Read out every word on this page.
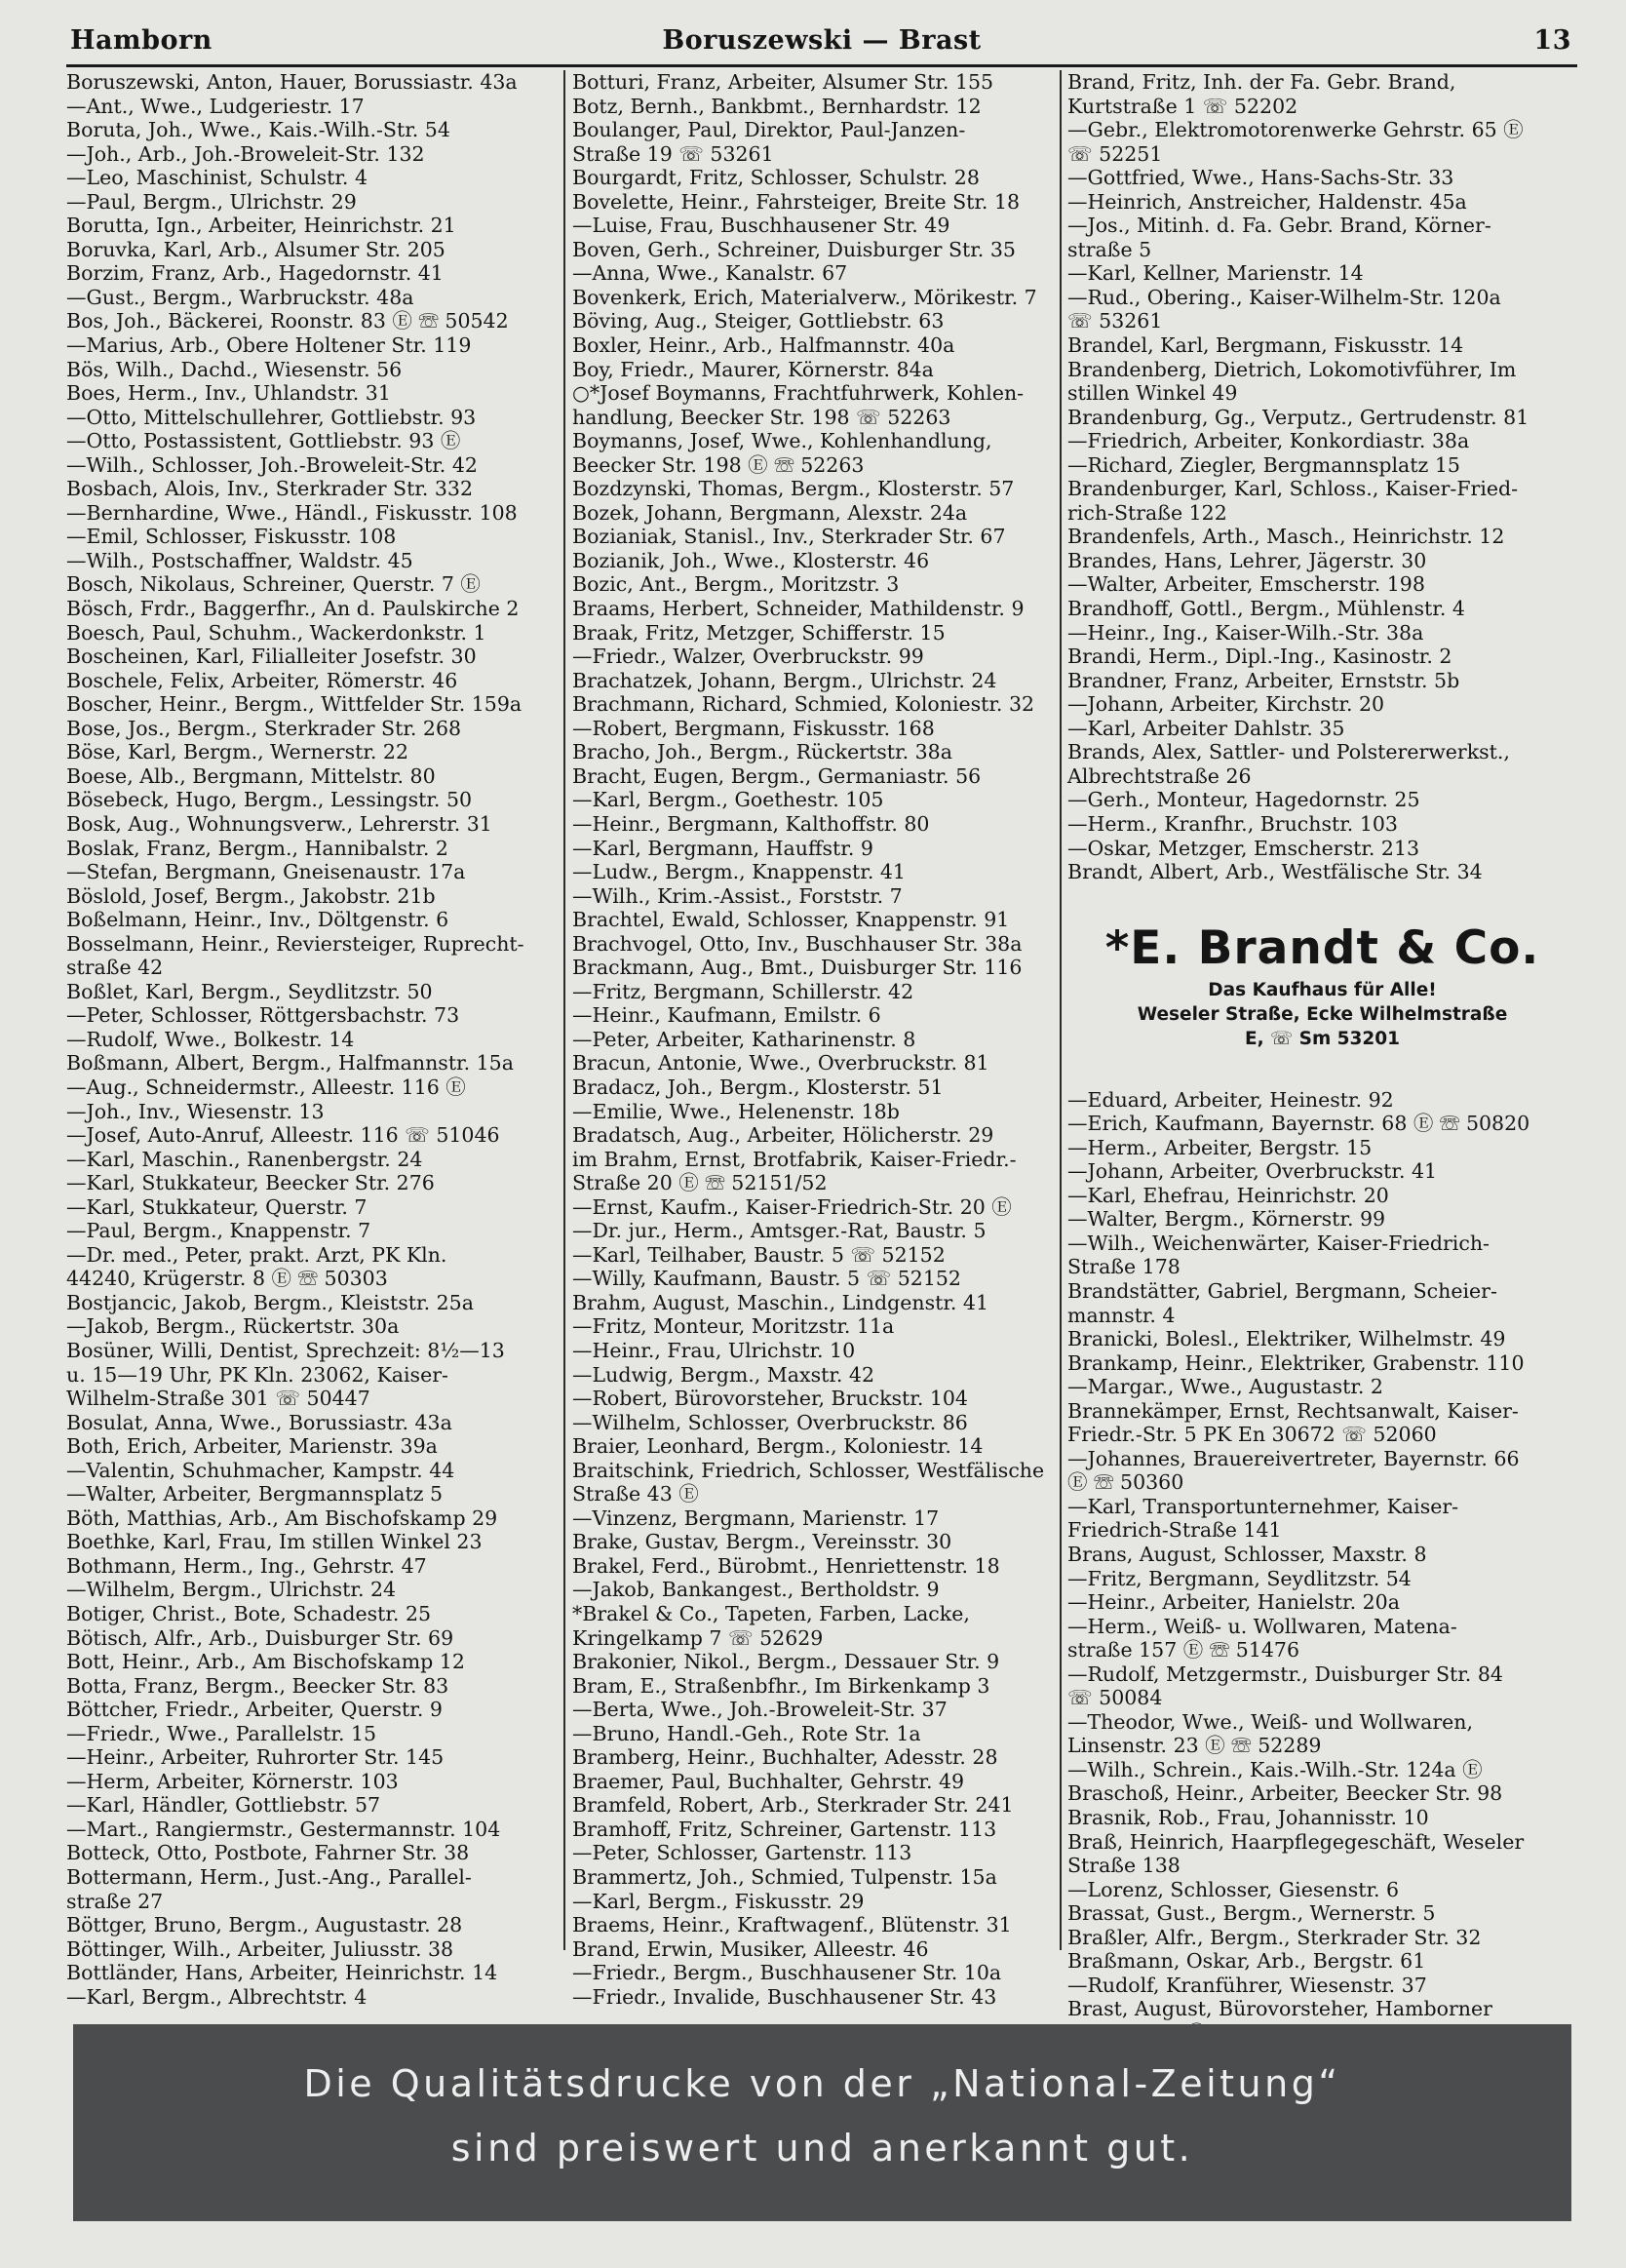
Hamborn	Boruszewski — Brast	13
Boruszewski, Anton, Hauer, Borussiastr. 43a
—Ant., Wwe., Ludgeriestr. 17
Boruta, Joh., Wwe., Kais.-Wilh.-Str. 54
—Joh., Arb., Joh.-Broweleit-Str. 132
—Leo, Maschinist, Schulstr. 4
—Paul, Bergm., Ulrichstr. 29
Borutta, Ign., Arbeiter, Heinrichstr. 21
Boruvka, Karl, Arb., Alsumer Str. 205
Borzim, Franz, Arb., Hagedornstr. 41
—Gust., Bergm., Warbruckstr. 48a
Bos, Joh., Bäckerei, Roonstr. 83 Ⓔ ☏ 50542
—Marius, Arb., Obere Holtener Str. 119
Bös, Wilh., Dachd., Wiesenstr. 56
Boes, Herm., Inv., Uhlandstr. 31
—Otto, Mittelschullehrer, Gottliebstr. 93
—Otto, Postassistent, Gottliebstr. 93 Ⓔ
—Wilh., Schlosser, Joh.-Broweleit-Str. 42
Bosbach, Alois, Inv., Sterkrader Str. 332
—Bernhardine, Wwe., Händl., Fiskusstr. 108
—Emil, Schlosser, Fiskusstr. 108
—Wilh., Postschaffner, Waldstr. 45
Bosch, Nikolaus, Schreiner, Querstr. 7 Ⓔ
Bösch, Frdr., Baggerfhr., An d. Paulskirche 2
Boesch, Paul, Schuhm., Wackerdonkstr. 1
Boscheinen, Karl, Filialleiter Josefstr. 30
Boschele, Felix, Arbeiter, Römerstr. 46
Boscher, Heinr., Bergm., Wittfelder Str. 159a
Bose, Jos., Bergm., Sterkrader Str. 268
Böse, Karl, Bergm., Wernerstr. 22
Boese, Alb., Bergmann, Mittelstr. 80
Bösebeck, Hugo, Bergm., Lessingstr. 50
Bosk, Aug., Wohnungsverw., Lehrerstr. 31
Boslak, Franz, Bergm., Hannibalstr. 2
—Stefan, Bergmann, Gneisenaustr. 17a
Böslold, Josef, Bergm., Jakobstr. 21b
Boßelmann, Heinr., Inv., Döltgenstr. 6
Bosselmann, Heinr., Reviersteiger, Ruprecht-
straße 42
Boßlet, Karl, Bergm., Seydlitzstr. 50
—Peter, Schlosser, Röttgersbachstr. 73
—Rudolf, Wwe., Bolkestr. 14
Boßmann, Albert, Bergm., Halfmannstr. 15a
—Aug., Schneidermstr., Alleestr. 116 Ⓔ
—Joh., Inv., Wiesenstr. 13
—Josef, Auto-Anruf, Alleestr. 116 ☏ 51046
—Karl, Maschin., Ranenbergstr. 24
—Karl, Stukkateur, Beecker Str. 276
—Karl, Stukkateur, Querstr. 7
—Paul, Bergm., Knappenstr. 7
—Dr. med., Peter, prakt. Arzt, PK Kln.
44240, Krügerstr. 8 Ⓔ ☏ 50303
Bostjancic, Jakob, Bergm., Kleiststr. 25a
—Jakob, Bergm., Rückertstr. 30a
Bosüner, Willi, Dentist, Sprechzeit: 8½—13
u. 15—19 Uhr, PK Kln. 23062, Kaiser-
Wilhelm-Straße 301 ☏ 50447
Bosulat, Anna, Wwe., Borussiastr. 43a
Both, Erich, Arbeiter, Marienstr. 39a
—Valentin, Schuhmacher, Kampstr. 44
—Walter, Arbeiter, Bergmannsplatz 5
Böth, Matthias, Arb., Am Bischofskamp 29
Boethke, Karl, Frau, Im stillen Winkel 23
Bothmann, Herm., Ing., Gehrstr. 47
—Wilhelm, Bergm., Ulrichstr. 24
Botiger, Christ., Bote, Schadestr. 25
Bötisch, Alfr., Arb., Duisburger Str. 69
Bott, Heinr., Arb., Am Bischofskamp 12
Botta, Franz, Bergm., Beecker Str. 83
Böttcher, Friedr., Arbeiter, Querstr. 9
—Friedr., Wwe., Parallelstr. 15
—Heinr., Arbeiter, Ruhrorter Str. 145
—Herm, Arbeiter, Körnerstr. 103
—Karl, Händler, Gottliebstr. 57
—Mart., Rangiermstr., Gestermannstr. 104
Botteck, Otto, Postbote, Fahrner Str. 38
Bottermann, Herm., Just.-Ang., Parallel-
straße 27
Böttger, Bruno, Bergm., Augustastr. 28
Böttinger, Wilh., Arbeiter, Juliusstr. 38
Bottländer, Hans, Arbeiter, Heinrichstr. 14
—Karl, Bergm., Albrechtstr. 4
Botturi, Franz, Arbeiter, Alsumer Str. 155
Botz, Bernh., Bankbmt., Bernhardstr. 12
Boulanger, Paul, Direktor, Paul-Janzen-
Straße 19 ☏ 53261
Bourgardt, Fritz, Schlosser, Schulstr. 28
Bovelette, Heinr., Fahrsteiger, Breite Str. 18
—Luise, Frau, Buschhausener Str. 49
Boven, Gerh., Schreiner, Duisburger Str. 35
—Anna, Wwe., Kanalstr. 67
Bovenkerk, Erich, Materialverw., Mörikestr. 7
Böving, Aug., Steiger, Gottliebstr. 63
Boxler, Heinr., Arb., Halfmannstr. 40a
Boy, Friedr., Maurer, Körnerstr. 84a
○*Josef Boymanns, Frachtfuhrwerk, Kohlen-
handlung, Beecker Str. 198 ☏ 52263
Boymanns, Josef, Wwe., Kohlenhandlung,
Beecker Str. 198 Ⓔ ☏ 52263
Bozdzynski, Thomas, Bergm., Klosterstr. 57
Bozek, Johann, Bergmann, Alexstr. 24a
Bozianiak, Stanisl., Inv., Sterkrader Str. 67
Bozianik, Joh., Wwe., Klosterstr. 46
Bozic, Ant., Bergm., Moritzstr. 3
Braams, Herbert, Schneider, Mathildenstr. 9
Braak, Fritz, Metzger, Schifferstr. 15
—Friedr., Walzer, Overbruckstr. 99
Brachatzek, Johann, Bergm., Ulrichstr. 24
Brachmann, Richard, Schmied, Koloniestr. 32
—Robert, Bergmann, Fiskusstr. 168
Bracho, Joh., Bergm., Rückertstr. 38a
Bracht, Eugen, Bergm., Germaniastr. 56
—Karl, Bergm., Goethestr. 105
—Heinr., Bergmann, Kalthoffstr. 80
—Karl, Bergmann, Hauffstr. 9
—Ludw., Bergm., Knappenstr. 41
—Wilh., Krim.-Assist., Forststr. 7
Brachtel, Ewald, Schlosser, Knappenstr. 91
Brachvogel, Otto, Inv., Buschhauser Str. 38a
Brackmann, Aug., Bmt., Duisburger Str. 116
—Fritz, Bergmann, Schillerstr. 42
—Heinr., Kaufmann, Emilstr. 6
—Peter, Arbeiter, Katharinenstr. 8
Bracun, Antonie, Wwe., Overbruckstr. 81
Bradacz, Joh., Bergm., Klosterstr. 51
—Emilie, Wwe., Helenenstr. 18b
Bradatsch, Aug., Arbeiter, Hölicherstr. 29
im Brahm, Ernst, Brotfabrik, Kaiser-Friedr.-
Straße 20 Ⓔ ☏ 52151/52
—Ernst, Kaufm., Kaiser-Friedrich-Str. 20 Ⓔ
—Dr. jur., Herm., Amtsger.-Rat, Baustr. 5
—Karl, Teilhaber, Baustr. 5 ☏ 52152
—Willy, Kaufmann, Baustr. 5 ☏ 52152
Brahm, August, Maschin., Lindgenstr. 41
—Fritz, Monteur, Moritzstr. 11a
—Heinr., Frau, Ulrichstr. 10
—Ludwig, Bergm., Maxstr. 42
—Robert, Bürovorsteher, Bruckstr. 104
—Wilhelm, Schlosser, Overbruckstr. 86
Braier, Leonhard, Bergm., Koloniestr. 14
Braitschink, Friedrich, Schlosser, Westfälische
Straße 43 Ⓔ
—Vinzenz, Bergmann, Marienstr. 17
Brake, Gustav, Bergm., Vereinsstr. 30
Brakel, Ferd., Bürobmt., Henriettenstr. 18
—Jakob, Bankangest., Bertholdstr. 9
*Brakel & Co., Tapeten, Farben, Lacke,
Kringelkamp 7 ☏ 52629
Brakonier, Nikol., Bergm., Dessauer Str. 9
Bram, E., Straßenbfhr., Im Birkenkamp 3
—Berta, Wwe., Joh.-Broweleit-Str. 37
—Bruno, Handl.-Geh., Rote Str. 1a
Bramberg, Heinr., Buchhalter, Adesstr. 28
Braemer, Paul, Buchhalter, Gehrstr. 49
Bramfeld, Robert, Arb., Sterkrader Str. 241
Bramhoff, Fritz, Schreiner, Gartenstr. 113
—Peter, Schlosser, Gartenstr. 113
Brammertz, Joh., Schmied, Tulpenstr. 15a
—Karl, Bergm., Fiskusstr. 29
Braems, Heinr., Kraftwagenf., Blütenstr. 31
Brand, Erwin, Musiker, Alleestr. 46
—Friedr., Bergm., Buschhausener Str. 10a
—Friedr., Invalide, Buschhausener Str. 43
Brand, Fritz, Inh. der Fa. Gebr. Brand,
Kurtstraße 1 ☏ 52202
—Gebr., Elektromotorenwerke Gehrstr. 65 Ⓔ
☏ 52251
—Gottfried, Wwe., Hans-Sachs-Str. 33
—Heinrich, Anstreicher, Haldenstr. 45a
—Jos., Mitinh. d. Fa. Gebr. Brand, Körner-
straße 5
—Karl, Kellner, Marienstr. 14
—Rud., Obering., Kaiser-Wilhelm-Str. 120a
☏ 53261
Brandel, Karl, Bergmann, Fiskusstr. 14
Brandenberg, Dietrich, Lokomotivführer, Im
stillen Winkel 49
Brandenburg, Gg., Verputz., Gertrudenstr. 81
—Friedrich, Arbeiter, Konkordiastr. 38a
—Richard, Ziegler, Bergmannsplatz 15
Brandenburger, Karl, Schloss., Kaiser-Fried-
rich-Straße 122
Brandenfels, Arth., Masch., Heinrichstr. 12
Brandes, Hans, Lehrer, Jägerstr. 30
—Walter, Arbeiter, Emscherstr. 198
Brandhoff, Gottl., Bergm., Mühlenstr. 4
—Heinr., Ing., Kaiser-Wilh.-Str. 38a
Brandi, Herm., Dipl.-Ing., Kasinostr. 2
Brandner, Franz, Arbeiter, Ernststr. 5b
—Johann, Arbeiter, Kirchstr. 20
—Karl, Arbeiter Dahlstr. 35
Brands, Alex, Sattler- und Polstererwerkst.,
Albrechtstraße 26
—Gerh., Monteur, Hagedornstr. 25
—Herm., Kranfhr., Bruchstr. 103
—Oskar, Metzger, Emscherstr. 213
Brandt, Albert, Arb., Westfälische Str. 34
*E. Brandt & Co.
Das Kaufhaus für Alle!
Weseler Straße, Ecke Wilhelmstraße
E, ☏ Sm 53201
—Eduard, Arbeiter, Heinestr. 92
—Erich, Kaufmann, Bayernstr. 68 Ⓔ ☏ 50820
—Herm., Arbeiter, Bergstr. 15
—Johann, Arbeiter, Overbruckstr. 41
—Karl, Ehefrau, Heinrichstr. 20
—Walter, Bergm., Körnerstr. 99
—Wilh., Weichenwärter, Kaiser-Friedrich-
Straße 178
Brandstätter, Gabriel, Bergmann, Scheier-
mannstr. 4
Branicki, Bolesl., Elektriker, Wilhelmstr. 49
Brankamp, Heinr., Elektriker, Grabenstr. 110
—Margar., Wwe., Augustastr. 2
Brannekämper, Ernst, Rechtsanwalt, Kaiser-
Friedr.-Str. 5 PK En 30672 ☏ 52060
—Johannes, Brauereivertreter, Bayernstr. 66
Ⓔ ☏ 50360
—Karl, Transportunternehmer, Kaiser-
Friedrich-Straße 141
Brans, August, Schlosser, Maxstr. 8
—Fritz, Bergmann, Seydlitzstr. 54
—Heinr., Arbeiter, Hanielstr. 20a
—Herm., Weiß- u. Wollwaren, Matena-
straße 157 Ⓔ ☏ 51476
—Rudolf, Metzgermstr., Duisburger Str. 84
☏ 50084
—Theodor, Wwe., Weiß- und Wollwaren,
Linsenstr. 23 Ⓔ ☏ 52289
—Wilh., Schrein., Kais.-Wilh.-Str. 124a Ⓔ
Braschoß, Heinr., Arbeiter, Beecker Str. 98
Brasnik, Rob., Frau, Johannisstr. 10
Braß, Heinrich, Haarpflegegeschäft, Weseler
Straße 138
—Lorenz, Schlosser, Giesenstr. 6
Brassat, Gust., Bergm., Wernerstr. 5
Braßler, Alfr., Bergm., Sterkrader Str. 32
Braßmann, Oskar, Arb., Bergstr. 61
—Rudolf, Kranführer, Wiesenstr. 37
Brast, August, Bürovorsteher, Hamborner
Die Qualitätsdrucke von der „National-Zeitung“
sind preiswert und anerkannt gut.
